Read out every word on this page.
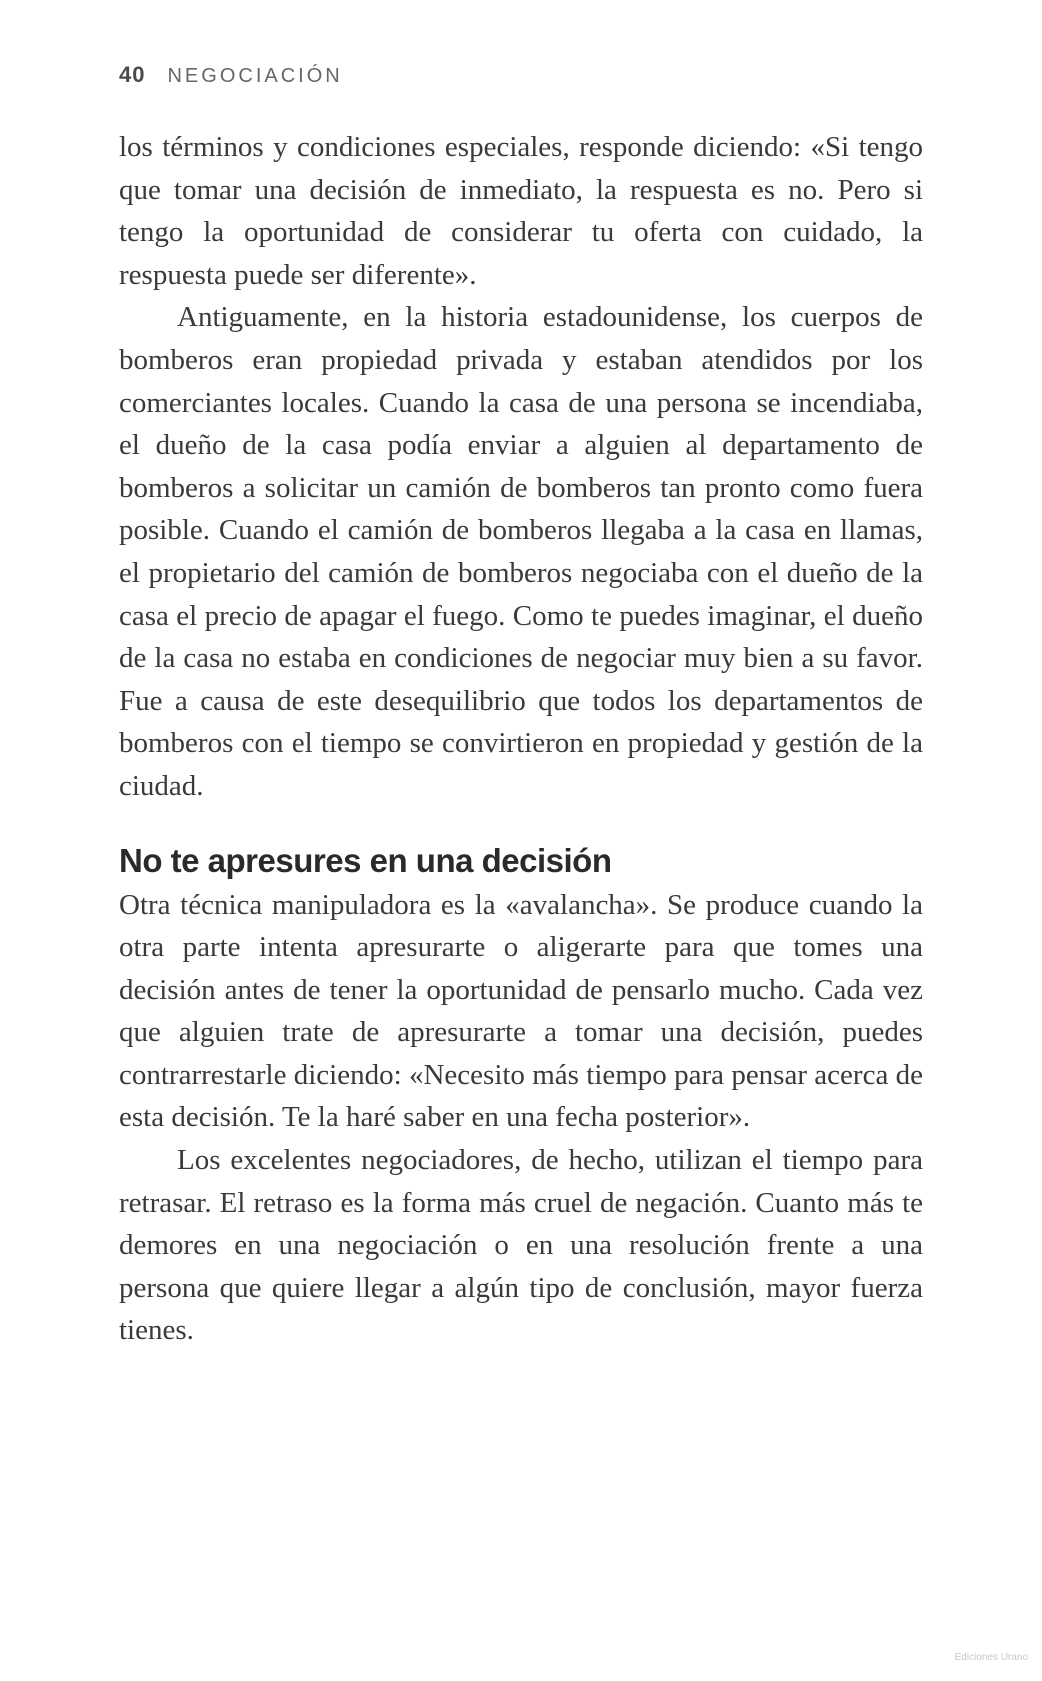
40 NEGOCIACIÓN

los términos y condiciones especiales, responde diciendo: «Si tengo que tomar una decisión de inmediato, la respuesta es no. Pero si tengo la oportunidad de considerar tu oferta con cuidado, la respuesta puede ser diferente».

Antiguamente, en la historia estadounidense, los cuerpos de bomberos eran propiedad privada y estaban atendidos por los comerciantes locales. Cuando la casa de una persona se incendiaba, el dueño de la casa podía enviar a alguien al departamento de bomberos a solicitar un camión de bomberos tan pronto como fuera posible. Cuando el camión de bomberos llegaba a la casa en llamas, el propietario del camión de bomberos negociaba con el dueño de la casa el precio de apagar el fuego. Como te puedes imaginar, el dueño de la casa no estaba en condiciones de negociar muy bien a su favor. Fue a causa de este desequilibrio que todos los departamentos de bomberos con el tiempo se convirtieron en propiedad y gestión de la ciudad.

No te apresures en una decisión

Otra técnica manipuladora es la «avalancha». Se produce cuando la otra parte intenta apresurarte o aligerarte para que tomes una decisión antes de tener la oportunidad de pensarlo mucho. Cada vez que alguien trate de apresurarte a tomar una decisión, puedes contrarrestarle diciendo: «Necesito más tiempo para pensar acerca de esta decisión. Te la haré saber en una fecha posterior».

Los excelentes negociadores, de hecho, utilizan el tiempo para retrasar. El retraso es la forma más cruel de negación. Cuanto más te demores en una negociación o en una resolución frente a una persona que quiere llegar a algún tipo de conclusión, mayor fuerza tienes.

Ediciones Urano
